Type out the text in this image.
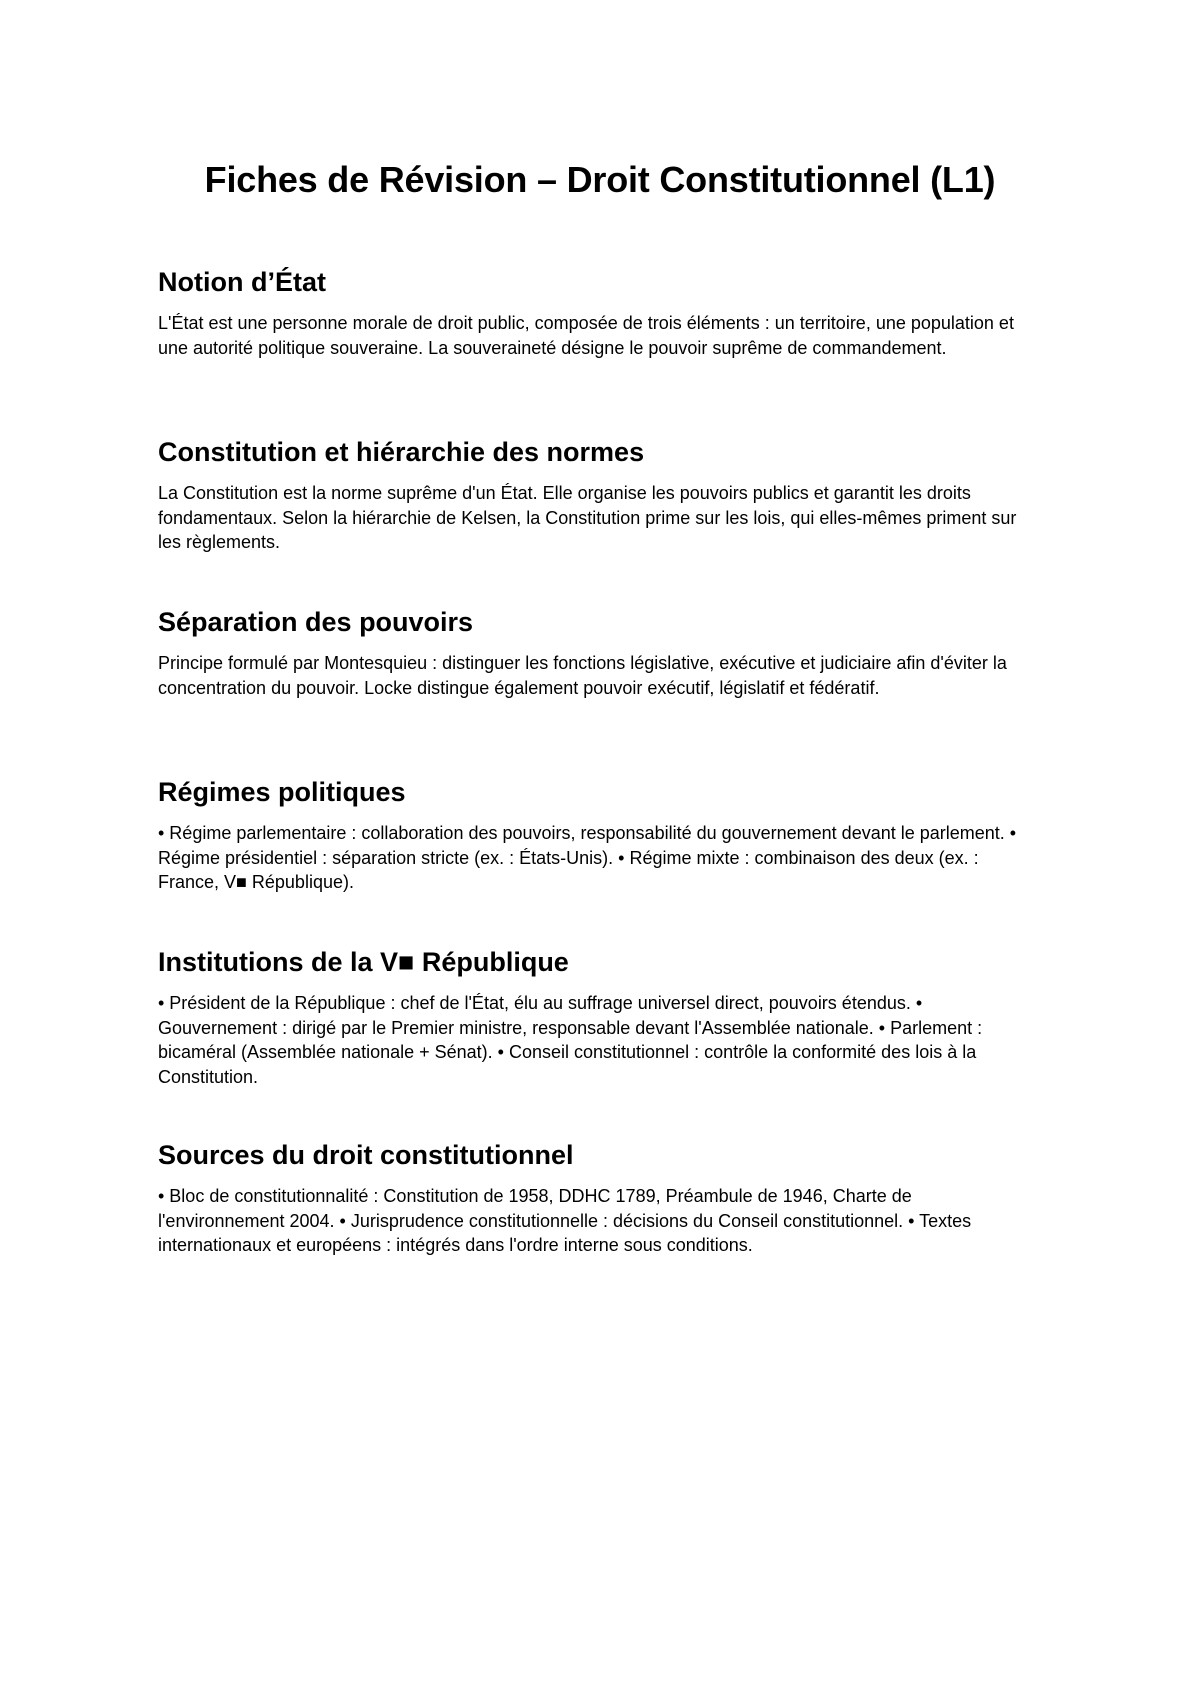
Fiches de Révision – Droit Constitutionnel (L1)
Notion d’État

L'État est une personne morale de droit public, composée de trois éléments : un territoire, une population et une autorité politique souveraine. La souveraineté désigne le pouvoir suprême de commandement.

Constitution et hiérarchie des normes

La Constitution est la norme suprême d'un État. Elle organise les pouvoirs publics et garantit les droits fondamentaux. Selon la hiérarchie de Kelsen, la Constitution prime sur les lois, qui elles-mêmes priment sur les règlements.

Séparation des pouvoirs

Principe formulé par Montesquieu : distinguer les fonctions législative, exécutive et judiciaire afin d'éviter la concentration du pouvoir. Locke distingue également pouvoir exécutif, législatif et fédératif.

Régimes politiques

• Régime parlementaire : collaboration des pouvoirs, responsabilité du gouvernement devant le parlement. • Régime présidentiel : séparation stricte (ex. : États-Unis). • Régime mixte : combinaison des deux (ex. : France, V■ République).

Institutions de la V■ République

• Président de la République : chef de l'État, élu au suffrage universel direct, pouvoirs étendus. • Gouvernement : dirigé par le Premier ministre, responsable devant l'Assemblée nationale. • Parlement : bicaméral (Assemblée nationale + Sénat). • Conseil constitutionnel : contrôle la conformité des lois à la Constitution.

Sources du droit constitutionnel

• Bloc de constitutionnalité : Constitution de 1958, DDHC 1789, Préambule de 1946, Charte de l'environnement 2004. • Jurisprudence constitutionnelle : décisions du Conseil constitutionnel. • Textes internationaux et européens : intégrés dans l'ordre interne sous conditions.
